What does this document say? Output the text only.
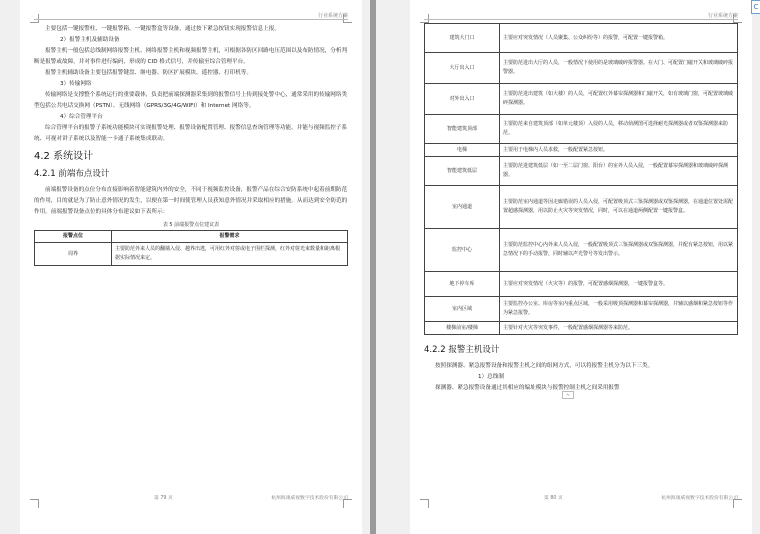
行业系统方案

主要包括一键报警柱、一键报警箱、一键报警盒等设备，通过按下紧急按钮实现报警信息上报。

2）报警主机及辅助设备

报警主机一般包括总线制网络报警主机、网络报警主机和视频报警主机，可根据各防区回路电压范围以及布防情况，分析判断是报警或故障，并对事件进行编码，形成的 CID 格式信号，并传输至综合管理平台。

报警主机辅助设备主要包括报警键盘、继电器、防区扩展模块、遥控器、打印机等。

3）传输网络

传输网络是支撑整个系统运行的重要载体，负责把前端探测器采集到的报警信号上传到接处警中心，通常采用的传输网络类型包括公共电话交换网（PSTN）、无线网络（GPRS/3G/4G/WIFI）和 Internet 网络等。

4）综合管理平台

综合管理平台的报警子系统功能模块可实现报警处理、报警设备配置管理、报警信息查询管理等功能，并能与视频监控子系统、可视对讲子系统以及智能一卡通子系统集成联动。

4.2 系统设计
4.2.1 前端布点设计

前端报警设备的点位分布直接影响着智能建筑内外的安全，不同于视频监控设备，报警产品在综合安防系统中起着前期防范的作用，目的就是为了防止意外情况的发生，以便在第一时间使管理人员获知意外情况并采取相应的措施。从而达到安全防范的作用。前端报警设备点位的具体分布建议如下表所示：

表 5 前端报警点位建议表
报警点位	报警需求
周界	主要防范外来人员的翻墙入侵、越界出逃，可用红外对射或电子围栏探测，红外对射光束数量和距离根据实际情况来定。
第 79 页	杭州海康威视数字技术股份有限公司
行业系统方案
建筑大门口	主要应对突发情况（人员聚集、公众纠纷等）的报警，可配置一键报警箱。
大厅出入口	主要防范进出大厅的人员，一般情况下使用的是玻璃破碎报警器。在大门、可配置门磁开关和玻璃破碎报警器。
对外出入口	主要防范进出建筑（如大楼）的人员，可配置红外幕帘探测器和门磁开关，如有玻璃门窗，可配置玻璃破碎探测器。
智能建筑顶部	主要防范来自建筑顶部（如单元楼顶）入侵的人员，移动侦测图可选择耐光探测器或者双鉴探测器来防范。
电梯	主要用于电梯内人员求救，一般配置紧急按钮。
智能建筑低层	主要防范进建筑低层（如一至二层门窗、阳台）的室外人员入侵，一般配置幕帘探测器和玻璃破碎探测器。
室内通道	主要防范室内通道等因走廊错误的人员入侵，可配置吸顶式三鉴探测器或双鉴探测器，在通道位置处需配置超感探测器，用以防止火灾等突发情况，同时，可以在通道两侧配置一键报警盒。
监控中心	主要防范监控中心内外来人员入侵，一般配置吸顶式三鉴探测器或双鉴探测器，并配有紧急按钮，用以紧急情况下的手动报警，同时辅以声光警号等发出警示。
地下停车库	主要应对突发情况（火灾等）的报警，可配置感烟探测器，一键报警盒等。
室内区域	主要监控办公室、库房等室内重点区域，一般采用吸顶探测器和幕帘探测器，并辅以感烟和紧急按钮等作为紧急报警。
楼梯前室/楼梯	主要针对火灾等突发事件，一般配置感烟探测器等来防范。
4.2.2 报警主机设计

按照探测器、紧急报警设备和报警主机之间的组网方式，可以将报警主机分为以下三类。

1）总线制

探测器、紧急报警设备通过其相应的编址模块与报警控制主机之间采用报警

≈
第 80 页	杭州海康威视数字技术股份有限公司
C
